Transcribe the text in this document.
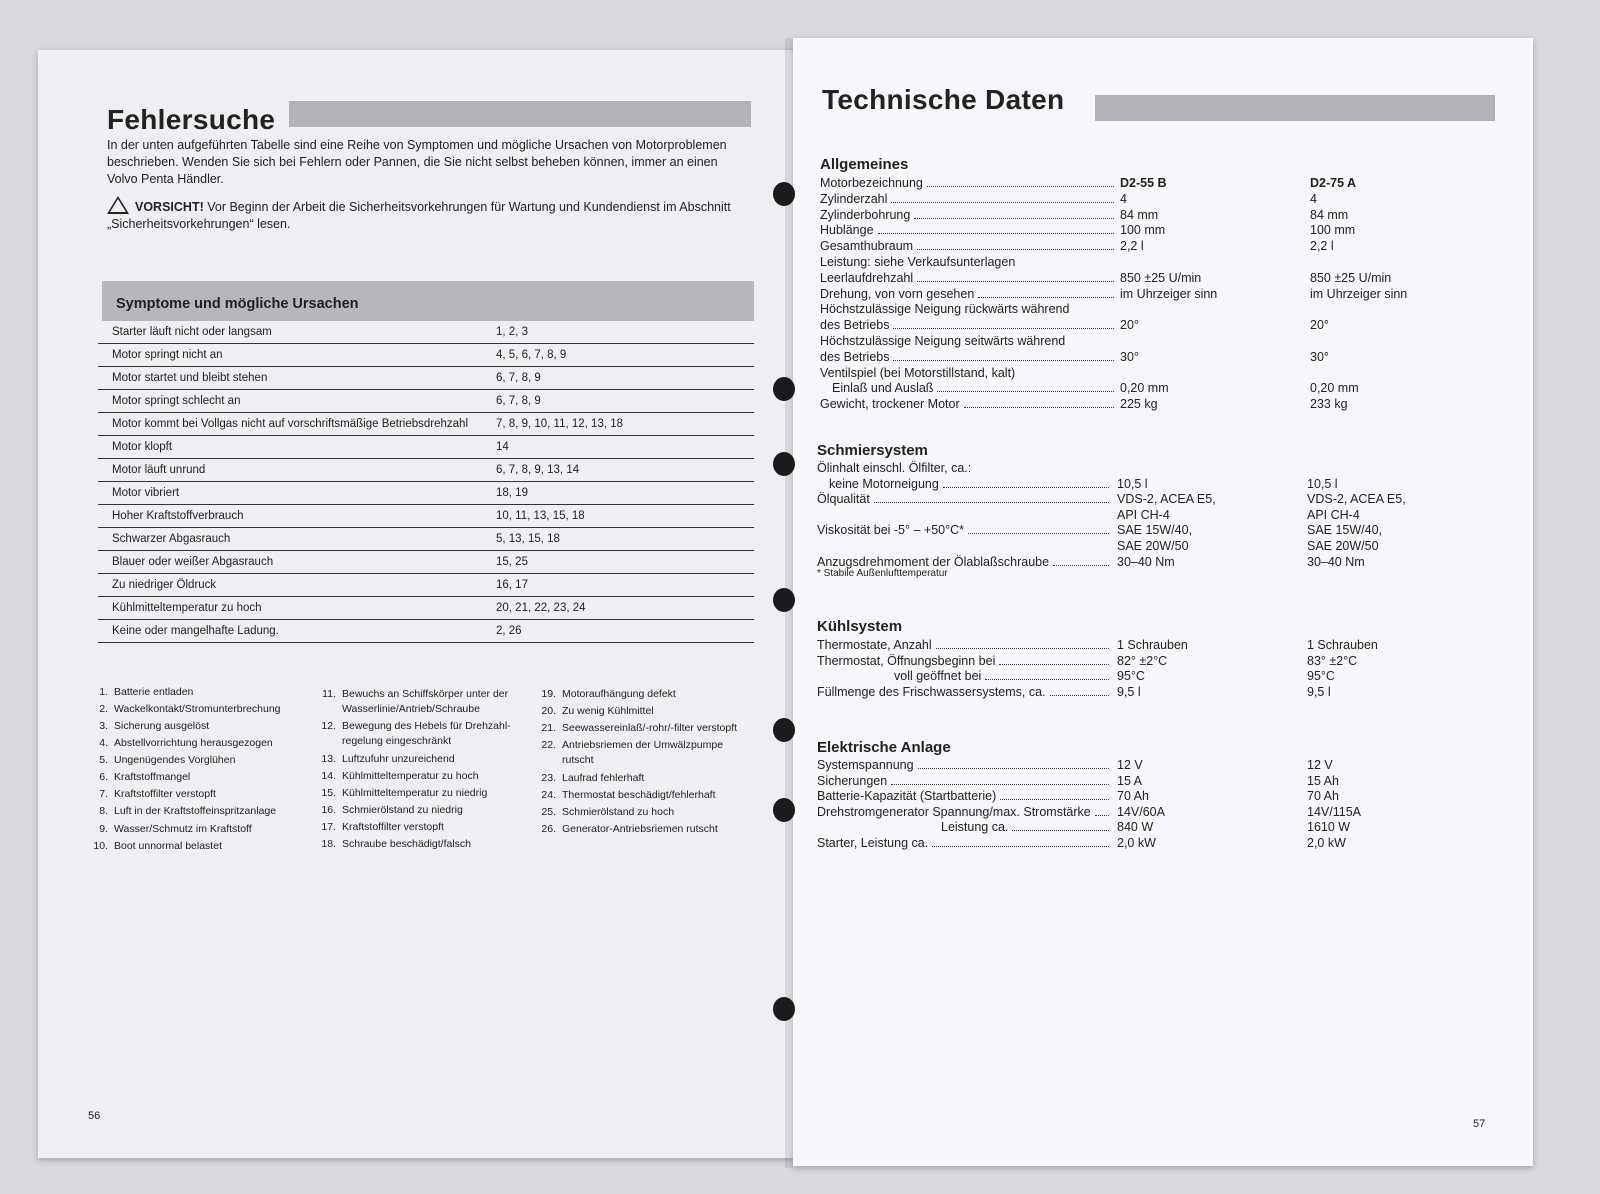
Fehlersuche
In der unten aufgeführten Tabelle sind eine Reihe von Symptomen und mögliche Ursachen von Motorproblemen beschrieben. Wenden Sie sich bei Fehlern oder Pannen, die Sie nicht selbst beheben können, immer an einen Volvo Penta Händler.
VORSICHT! Vor Beginn der Arbeit die Sicherheitsvorkehrungen für Wartung und Kundendienst im Abschnitt „Sicherheitsvorkehrungen“ lesen.
Symptome und mögliche Ursachen
Starter läuft nicht oder langsam	1, 2, 3
Motor springt nicht an	4, 5, 6, 7, 8, 9
Motor startet und bleibt stehen	6, 7, 8, 9
Motor springt schlecht an	6, 7, 8, 9
Motor kommt bei Vollgas nicht auf vorschriftsmäßige Betriebsdrehzahl 7, 8, 9, 10, 11, 12, 13, 18
Motor klopft	14
Motor läuft unrund	6, 7, 8, 9, 13, 14
Motor vibriert	18, 19
Hoher Kraftstoffverbrauch	10, 11, 13, 15, 18
Schwarzer Abgasrauch	5, 13, 15, 18
Blauer oder weißer Abgasrauch	15, 25
Zu niedriger Öldruck	16, 17
Kühlmitteltemperatur zu hoch	20, 21, 22, 23, 24
Keine oder mangelhafte Ladung.	2, 26
1. Batterie entladen
2. Wackelkontakt/Stromunterbrechung
3. Sicherung ausgelöst
4. Abstellvorrichtung herausgezogen
5. Ungenügendes Vorglühen
6. Kraftstoffmangel
7. Kraftstoffilter verstopft
8. Luft in der Kraftstoffeinspritzanlage
9. Wasser/Schmutz im Kraftstoff
10. Boot unnormal belastet
11. Bewuchs an Schiffskörper unter der Wasserlinie/Antrieb/Schraube
12. Bewegung des Hebels für Drehzahl-regelung eingeschränkt
13. Luftzufuhr unzureichend
14. Kühlmitteltemperatur zu hoch
15. Kühlmitteltemperatur zu niedrig
16. Schmierölstand zu niedrig
17. Kraftstoffilter verstopft
18. Schraube beschädigt/falsch
19. Motoraufhängung defekt
20. Zu wenig Kühlmittel
21. Seewassereinlaß/-rohr/-filter verstopft
22. Antriebsriemen der Umwälzpumpe rutscht
23. Laufrad fehlerhaft
24. Thermostat beschädigt/fehlerhaft
25. Schmierölstand zu hoch
26. Generator-Antriebsriemen rutscht
56
Technische Daten
Allgemeines
Motorbezeichnung	D2-55 B	D2-75 A
Zylinderzahl	4	4
Zylinderbohrung	84 mm	84 mm
Hublänge	100 mm	100 mm
Gesamthubraum	2,2 l	2,2 l
Leistung: siehe Verkaufsunterlagen
Leerlaufdrehzahl	850 ±25 U/min	850 ±25 U/min
Drehung, von vorn gesehen	im Uhrzeiger sinn	im Uhrzeiger sinn
Höchstzulässige Neigung rückwärts während
des Betriebs	20°	20°
Höchstzulässige Neigung seitwärts während
des Betriebs	30°	30°
Ventilspiel (bei Motorstillstand, kalt)
Einlaß und Auslaß	0,20 mm	0,20 mm
Gewicht, trockener Motor	225 kg	233 kg
Schmiersystem
Ölinhalt einschl. Ölfilter, ca.:
keine Motorneigung	10,5 l	10,5 l
Ölqualität	VDS-2, ACEA E5,	VDS-2, ACEA E5,
API CH-4	API CH-4
Viskosität bei -5° – +50°C*	SAE 15W/40,	SAE 15W/40,
SAE 20W/50	SAE 20W/50
Anzugsdrehmoment der Ölablaßschraube	30–40 Nm	30–40 Nm
* Stabile Außenlufttemperatur
Kühlsystem
Thermostate, Anzahl	1 Schrauben	1 Schrauben
Thermostat, Öffnungsbeginn bei	82° ±2°C	83° ±2°C
voll geöffnet bei	95°C	95°C
Füllmenge des Frischwassersystems, ca.	9,5 l	9,5 l
Elektrische Anlage
Systemspannung	12 V	12 V
Sicherungen	15 A	15 Ah
Batterie-Kapazität (Startbatterie)	70 Ah	70 Ah
Drehstromgenerator Spannung/max. Stromstärke 14V/60A	14V/115A
Leistung ca.	840 W	1610 W
Starter, Leistung ca.	2,0 kW	2,0 kW
57
